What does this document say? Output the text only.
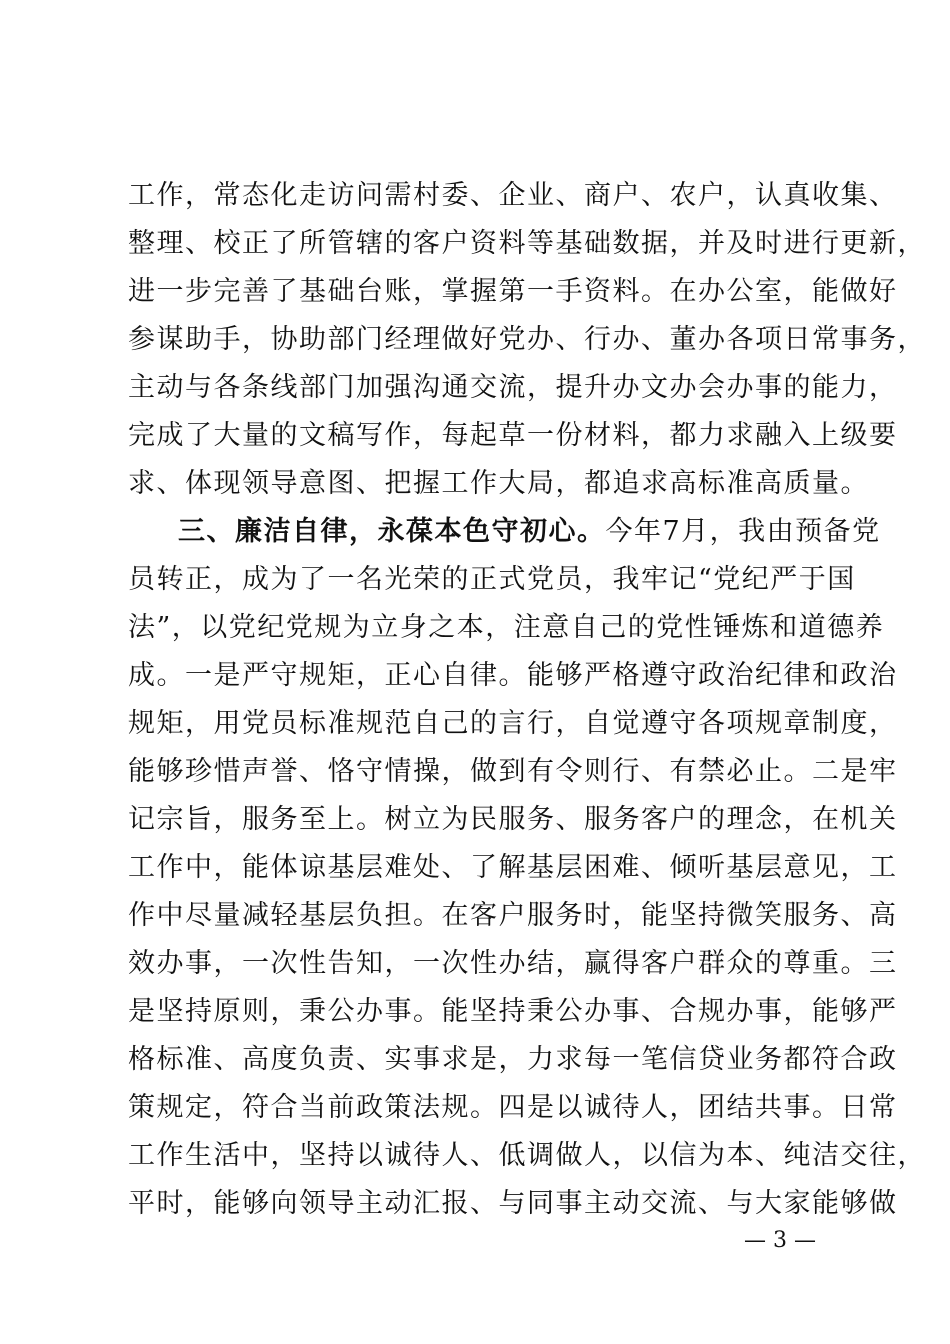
工作，常态化走访问需村委、企业、商户、农户，认真收集、
整理、校正了所管辖的客户资料等基础数据，并及时进行更新，
进一步完善了基础台账，掌握第一手资料。在办公室，能做好
参谋助手，协助部门经理做好党办、行办、董办各项日常事务，
主动与各条线部门加强沟通交流，提升办文办会办事的能力，
完成了大量的文稿写作，每起草一份材料，都力求融入上级要
求、体现领导意图、把握工作大局，都追求高标准高质量。
三、廉洁自律，永葆本色守初心。今年7月，我由预备党
员转正，成为了一名光荣的正式党员，我牢记“党纪严于国
法”，以党纪党规为立身之本，注意自己的党性锤炼和道德养
成。一是严守规矩，正心自律。能够严格遵守政治纪律和政治
规矩，用党员标准规范自己的言行，自觉遵守各项规章制度，
能够珍惜声誉、恪守情操，做到有令则行、有禁必止。二是牢
记宗旨，服务至上。树立为民服务、服务客户的理念，在机关
工作中，能体谅基层难处、了解基层困难、倾听基层意见，工
作中尽量减轻基层负担。在客户服务时，能坚持微笑服务、高
效办事，一次性告知，一次性办结，赢得客户群众的尊重。三
是坚持原则，秉公办事。能坚持秉公办事、合规办事，能够严
格标准、高度负责、实事求是，力求每一笔信贷业务都符合政
策规定，符合当前政策法规。四是以诚待人，团结共事。日常
工作生活中，坚持以诚待人、低调做人，以信为本、纯洁交往，
平时，能够向领导主动汇报、与同事主动交流、与大家能够做
— 3 —
